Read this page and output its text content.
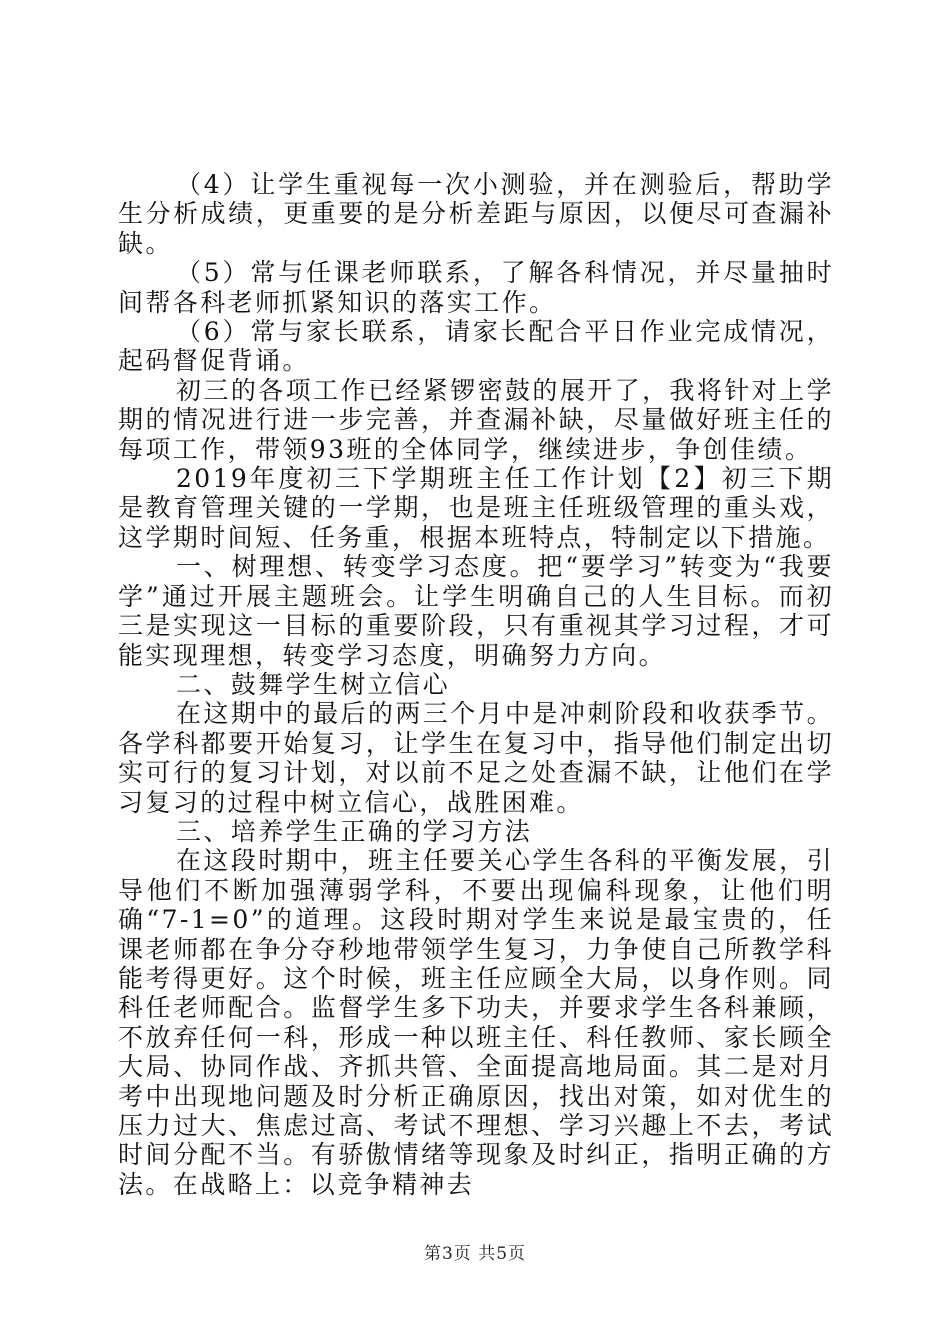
（4）让学生重视每一次小测验，并在测验后，帮助学生分析成绩，更重要的是分析差距与原因，以便尽可查漏补缺。

（5）常与任课老师联系，了解各科情况，并尽量抽时间帮各科老师抓紧知识的落实工作。

（6）常与家长联系，请家长配合平日作业完成情况，起码督促背诵。

初三的各项工作已经紧锣密鼓的展开了，我将针对上学期的情况进行进一步完善，并查漏补缺，尽量做好班主任的每项工作，带领93班的全体同学，继续进步，争创佳绩。

2019年度初三下学期班主任工作计划【2】初三下期是教育管理关键的一学期，也是班主任班级管理的重头戏，这学期时间短、任务重，根据本班特点，特制定以下措施。

一、树理想、转变学习态度。把“要学习”转变为“我要学”通过开展主题班会。让学生明确自己的人生目标。而初三是实现这一目标的重要阶段，只有重视其学习过程，才可能实现理想，转变学习态度，明确努力方向。

二、鼓舞学生树立信心

在这期中的最后的两三个月中是冲刺阶段和收获季节。各学科都要开始复习，让学生在复习中，指导他们制定出切实可行的复习计划，对以前不足之处查漏不缺，让他们在学习复习的过程中树立信心，战胜困难。

三、培养学生正确的学习方法

在这段时期中，班主任要关心学生各科的平衡发展，引导他们不断加强薄弱学科，不要出现偏科现象，让他们明确“7-1=0”的道理。这段时期对学生来说是最宝贵的，任课老师都在争分夺秒地带领学生复习，力争使自己所教学科能考得更好。这个时候，班主任应顾全大局，以身作则。同科任老师配合。监督学生多下功夫，并要求学生各科兼顾，不放弃任何一科，形成一种以班主任、科任教师、家长顾全大局、协同作战、齐抓共管、全面提高地局面。其二是对月考中出现地问题及时分析正确原因，找出对策，如对优生的压力过大、焦虑过高、考试不理想、学习兴趣上不去，考试时间分配不当。有骄傲情绪等现象及时纠正，指明正确的方法。在战略上：以竞争精神去

第3页 共5页
